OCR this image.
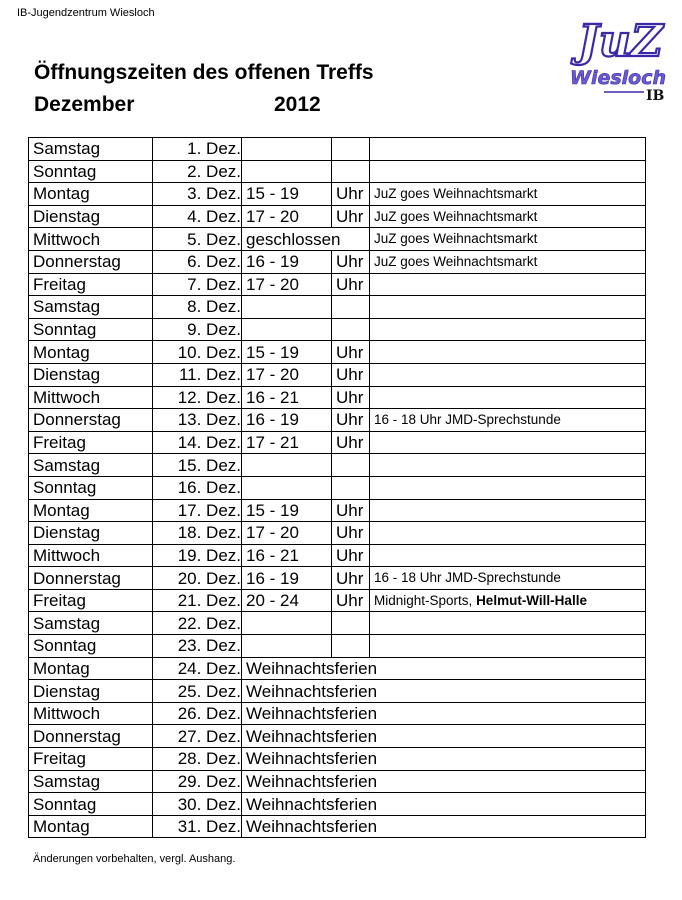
IB-Jugendzentrum Wiesloch
Öffnungszeiten des offenen Treffs
Dezember	2012
JuZ
Wiesloch
IB
Samstag	1. Dez.			
Sonntag	2. Dez.			
Montag	3. Dez.	15 - 19	Uhr	JuZ goes Weihnachtsmarkt
Dienstag	4. Dez.	17 - 20	Uhr	JuZ goes Weihnachtsmarkt
Mittwoch	5. Dez.	geschlossen		JuZ goes Weihnachtsmarkt
Donnerstag	6. Dez.	16 - 19	Uhr	JuZ goes Weihnachtsmarkt
Freitag	7. Dez.	17 - 20	Uhr	
Samstag	8. Dez.			
Sonntag	9. Dez.			
Montag	10. Dez.	15 - 19	Uhr	
Dienstag	11. Dez.	17 - 20	Uhr	
Mittwoch	12. Dez.	16 - 21	Uhr	
Donnerstag	13. Dez.	16 - 19	Uhr	16 - 18 Uhr JMD-Sprechstunde
Freitag	14. Dez.	17 - 21	Uhr	
Samstag	15. Dez.			
Sonntag	16. Dez.			
Montag	17. Dez.	15 - 19	Uhr	
Dienstag	18. Dez.	17 - 20	Uhr	
Mittwoch	19. Dez.	16 - 21	Uhr	
Donnerstag	20. Dez.	16 - 19	Uhr	16 - 18 Uhr JMD-Sprechstunde
Freitag	21. Dez.	20 - 24	Uhr	Midnight-Sports, Helmut-Will-Halle
Samstag	22. Dez.			
Sonntag	23. Dez.			
Montag	24. Dez.	Weihnachtsferien		
Dienstag	25. Dez.	Weihnachtsferien		
Mittwoch	26. Dez.	Weihnachtsferien		
Donnerstag	27. Dez.	Weihnachtsferien		
Freitag	28. Dez.	Weihnachtsferien		
Samstag	29. Dez.	Weihnachtsferien		
Sonntag	30. Dez.	Weihnachtsferien		
Montag	31. Dez.	Weihnachtsferien		
Änderungen vorbehalten, vergl. Aushang.
